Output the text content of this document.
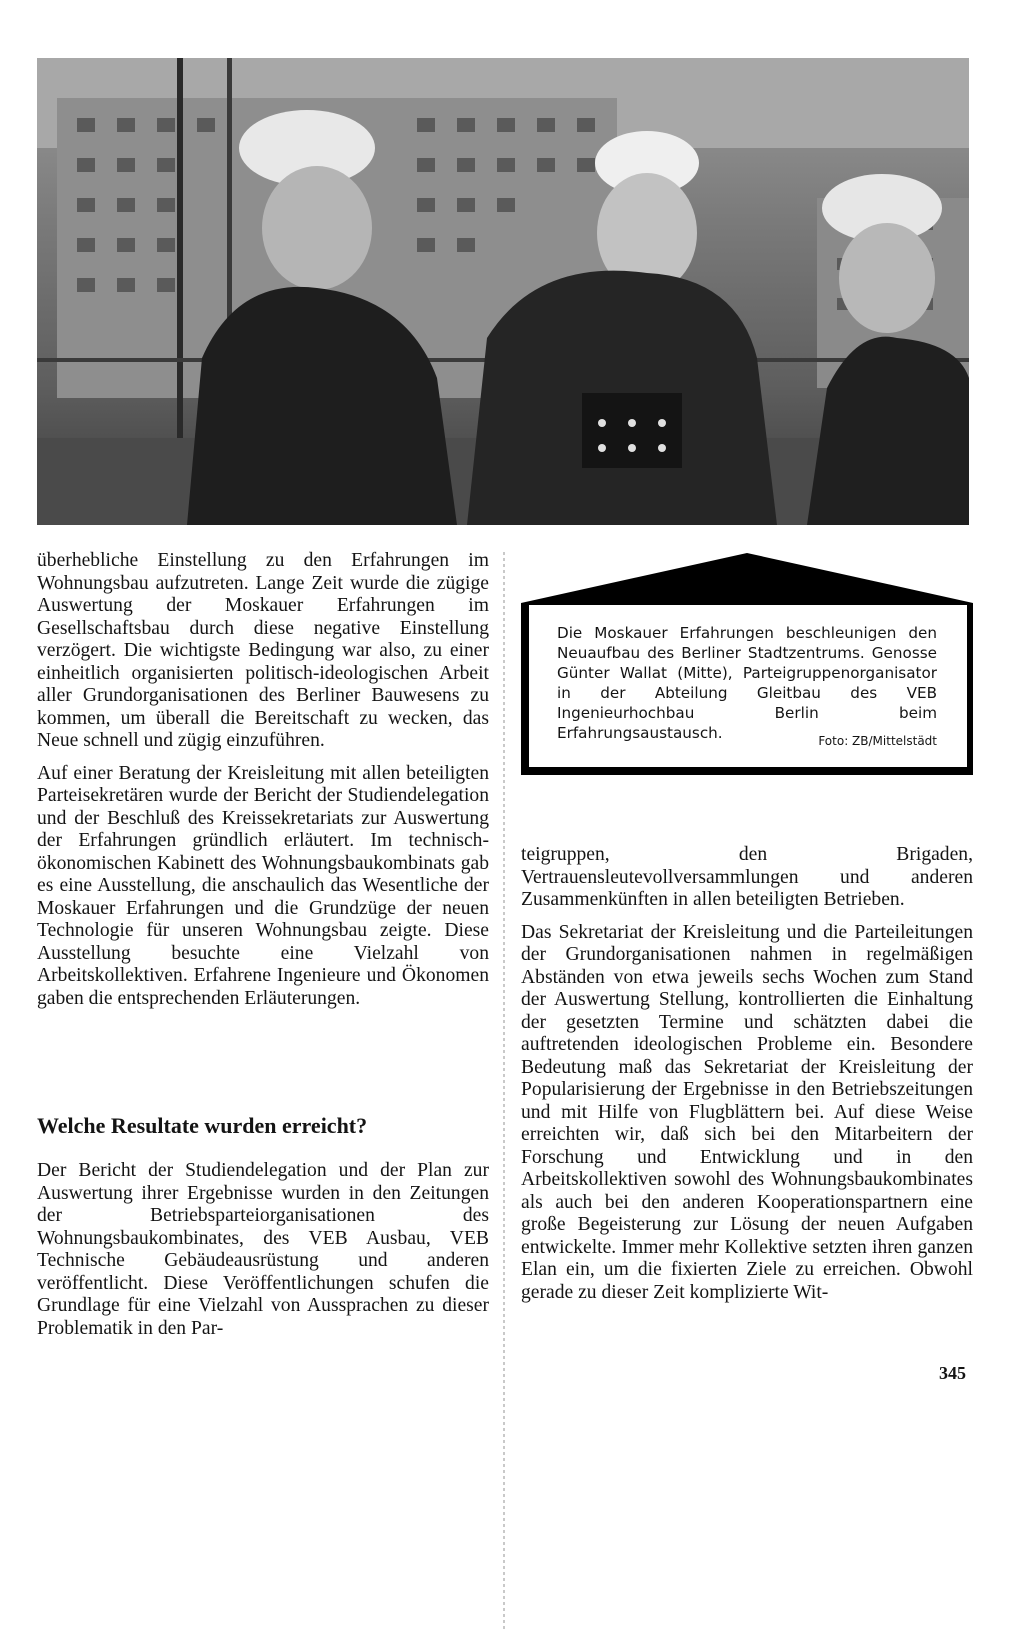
überhebliche Einstellung zu den Erfahrungen im Wohnungsbau aufzutreten. Lange Zeit wurde die zügige Auswertung der Moskauer Erfahrungen im Gesellschaftsbau durch diese negative Einstellung verzögert. Die wichtigste Bedingung war also, zu einer einheitlich organisierten politisch-ideologischen Arbeit aller Grundorganisationen des Berliner Bauwesens zu kommen, um überall die Bereitschaft zu wecken, das Neue schnell und zügig einzuführen.

Auf einer Beratung der Kreisleitung mit allen beteiligten Parteisekretären wurde der Bericht der Studiendelegation und der Beschluß des Kreissekretariats zur Auswertung der Erfahrungen gründlich erläutert. Im technisch-ökonomischen Kabinett des Wohnungsbaukombinats gab es eine Ausstellung, die anschaulich das Wesentliche der Moskauer Erfahrungen und die Grundzüge der neuen Technologie für unseren Wohnungsbau zeigte. Diese Ausstellung besuchte eine Vielzahl von Arbeitskollektiven. Erfahrene Ingenieure und Ökonomen gaben die entsprechenden Erläuterungen.

Welche Resultate wurden erreicht?

Der Bericht der Studiendelegation und der Plan zur Auswertung ihrer Ergebnisse wurden in den Zeitungen der Betriebsparteiorganisationen des Wohnungsbaukombinates, des VEB Ausbau, VEB Technische Gebäudeausrüstung und anderen veröffentlicht. Diese Veröffentlichungen schufen die Grundlage für eine Vielzahl von Aussprachen zu dieser Problematik in den Par-

Die Moskauer Erfahrungen beschleunigen den Neuaufbau des Berliner Stadtzentrums. Genosse Günter Wallat (Mitte), Parteigruppenorganisator in der Abteilung Gleitbau des VEB Ingenieurhochbau Berlin beim Erfahrungsaustausch.	Foto: ZB/Mittelstädt

teigruppen, den Brigaden, Vertrauensleutevollversammlungen und anderen Zusammenkünften in allen beteiligten Betrieben.

Das Sekretariat der Kreisleitung und die Parteileitungen der Grundorganisationen nahmen in regelmäßigen Abständen von etwa jeweils sechs Wochen zum Stand der Auswertung Stellung, kontrollierten die Einhaltung der gesetzten Termine und schätzten dabei die auftretenden ideologischen Probleme ein. Besondere Bedeutung maß das Sekretariat der Kreisleitung der Popularisierung der Ergebnisse in den Betriebszeitungen und mit Hilfe von Flugblättern bei. Auf diese Weise erreichten wir, daß sich bei den Mitarbeitern der Forschung und Entwicklung und in den Arbeitskollektiven sowohl des Wohnungsbaukombinates als auch bei den anderen Kooperationspartnern eine große Begeisterung zur Lösung der neuen Aufgaben entwickelte. Immer mehr Kollektive setzten ihren ganzen Elan ein, um die fixierten Ziele zu erreichen. Obwohl gerade zu dieser Zeit komplizierte Wit-

345
